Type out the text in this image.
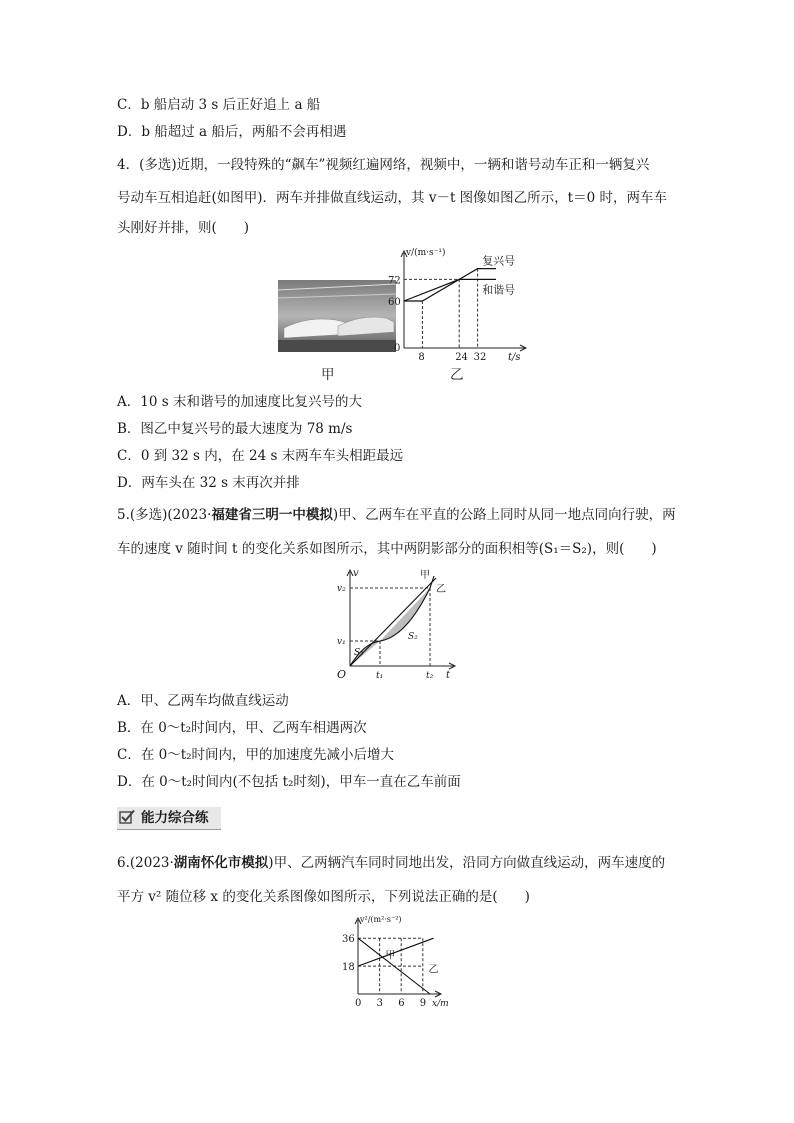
C．b 船启动 3 s 后正好追上 a 船
D．b 船超过 a 船后，两船不会再相遇
4．(多选)近期，一段特殊的“飙车”视频红遍网络，视频中，一辆和谐号动车正和一辆复兴
号动车互相追赶(如图甲)．两车并排做直线运动，其 v－t 图像如图乙所示，t＝0 时，两车车
头刚好并排，则(　　)
甲	乙
v/(m·s⁻¹)
t/s
0
60
72
8	24 32
复兴号
和谐号
A．10 s 末和谐号的加速度比复兴号的大
B．图乙中复兴号的最大速度为 78 m/s
C．0 到 32 s 内，在 24 s 末两车车头相距最远
D．两车头在 32 s 末再次并排
5.(多选)(2023·福建省三明一中模拟)甲、乙两车在平直的公路上同时从同一地点同向行驶，两
车的速度 v 随时间 t 的变化关系如图所示，其中两阴影部分的面积相等(S₁＝S₂)，则(　　)
v
t
O
v₁
v₂
t₁	t₂
甲
乙
S₁
S₂
A．甲、乙两车均做直线运动
B．在 0～t₂时间内，甲、乙两车相遇两次
C．在 0～t₂时间内，甲的加速度先减小后增大
D．在 0～t₂时间内(不包括 t₂时刻)，甲车一直在乙车前面
能力综合练
6.(2023·湖南怀化市模拟)甲、乙两辆汽车同时同地出发，沿同方向做直线运动，两车速度的
平方 v² 随位移 x 的变化关系图像如图所示，下列说法正确的是(　　)
v²/(m²·s⁻²)
x/m
18
36
0 3 6 9
甲
乙
